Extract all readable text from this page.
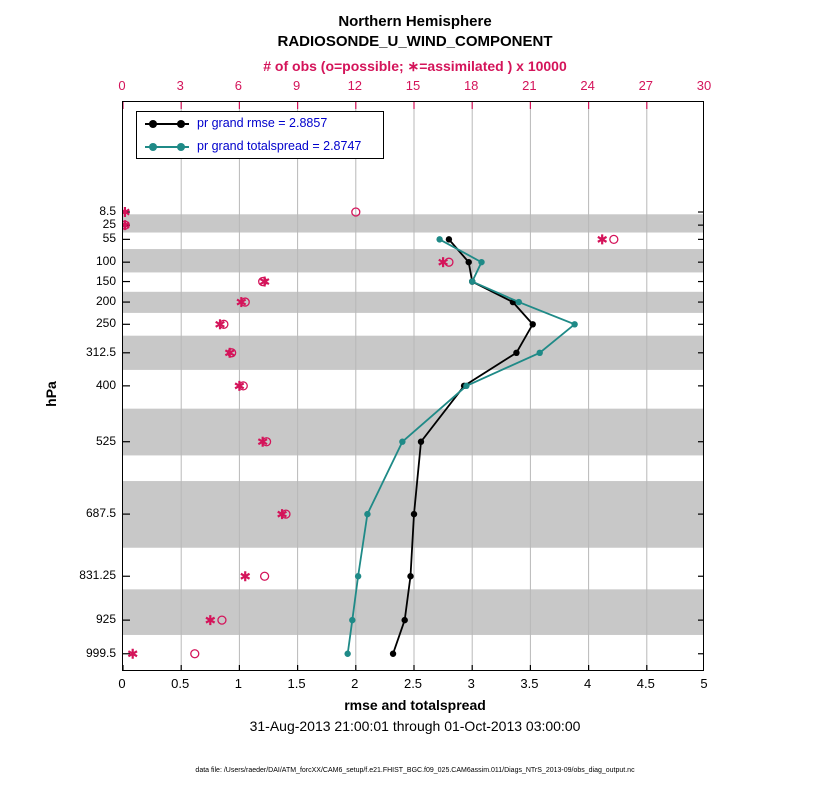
Northern Hemisphere
RADIOSONDE_U_WIND_COMPONENT
# of obs (o=possible; ∗=assimilated ) x 10000
0	3	6	9	12	15	18	21	24	27	30
0	0.5	1	1.5	2	2.5	3	3.5	4	4.5	5
8.5
25
55
100
150
200
250
312.5
400
525
687.5
831.25
925
999.5
hPa
rmse and totalspread
31-Aug-2013 21:00:01 through 01-Oct-2013 03:00:00
data file: /Users/raeder/DAI/ATM_forcXX/CAM6_setup/f.e21.FHIST_BGC.f09_025.CAM6assim.011/Diags_NTrS_2013-09/obs_diag_output.nc
pr grand rmse = 2.8857
pr grand totalspread = 2.8747
